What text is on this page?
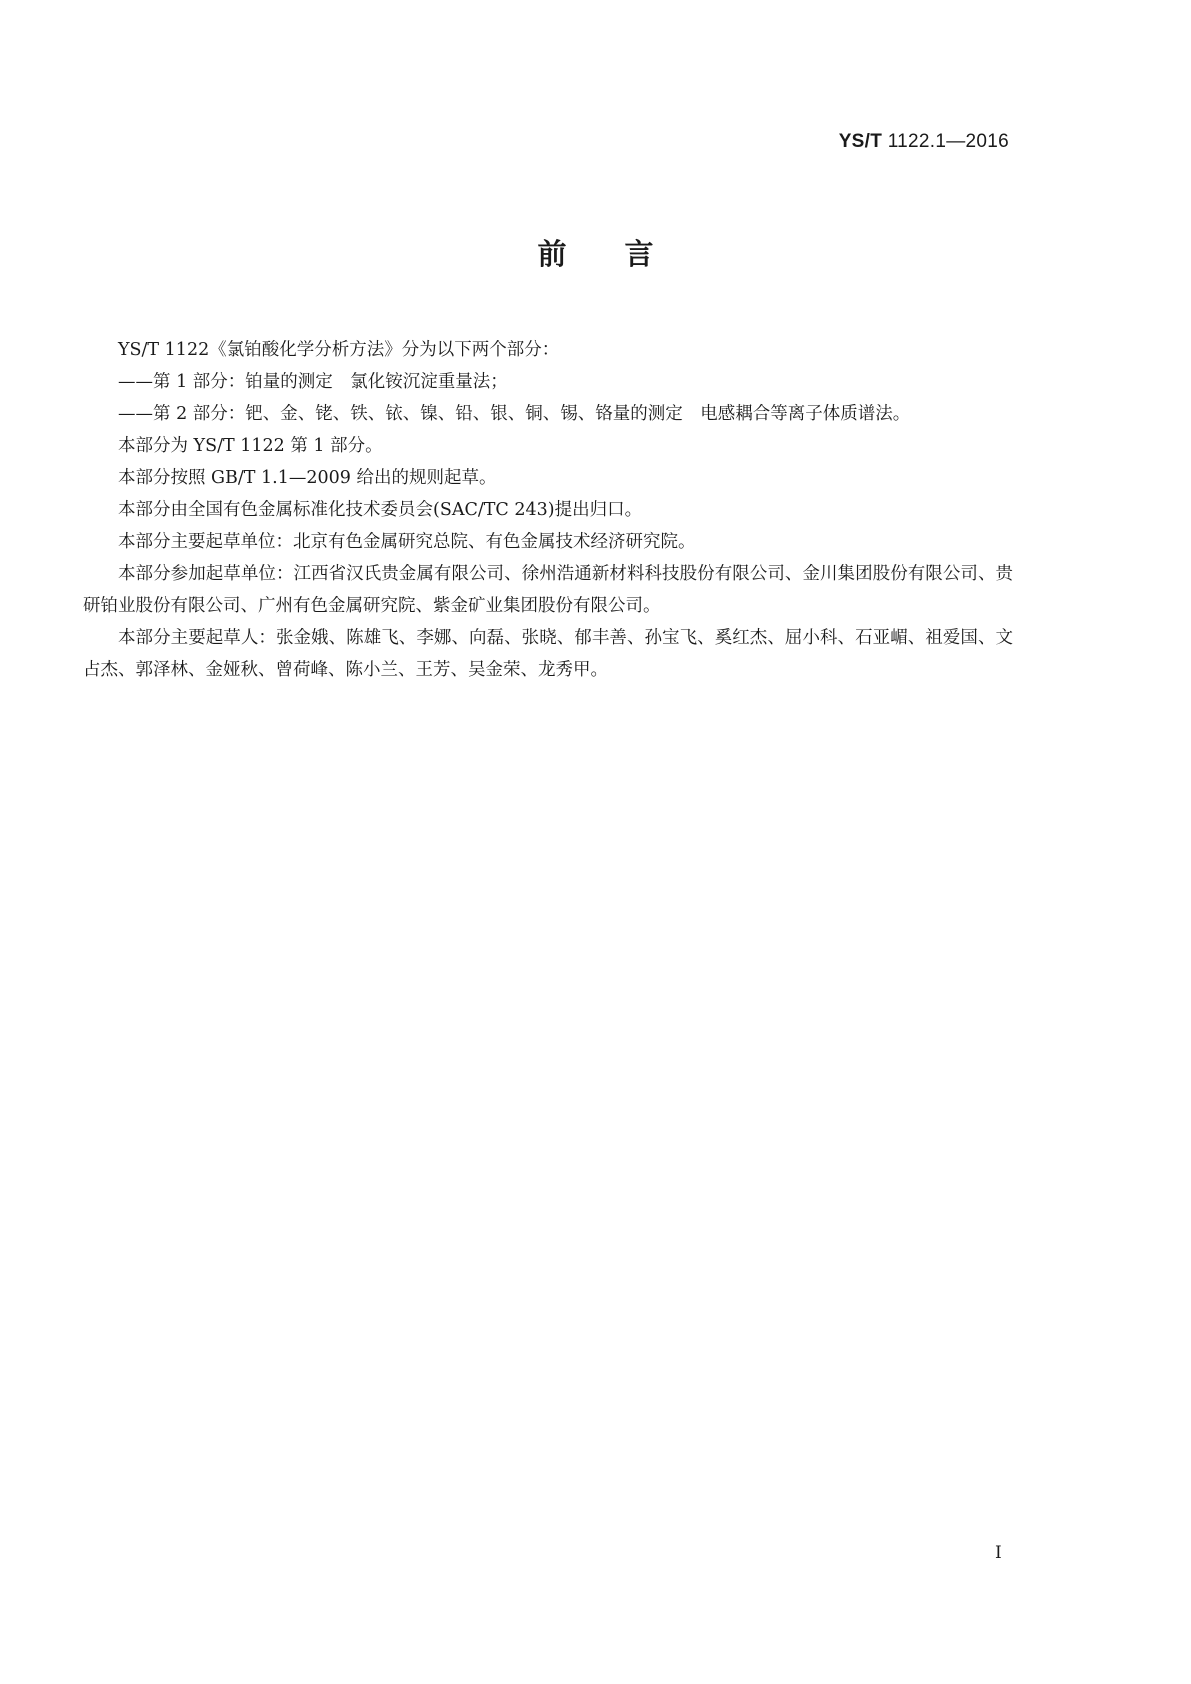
YS/T 1122.1—2016
前 言

YS/T 1122《氯铂酸化学分析方法》分为以下两个部分：

——第 1 部分：铂量的测定　氯化铵沉淀重量法；

——第 2 部分：钯、金、铑、铁、铱、镍、铅、银、铜、锡、铬量的测定　电感耦合等离子体质谱法。

本部分为 YS/T 1122 第 1 部分。

本部分按照 GB/T 1.1—2009 给出的规则起草。

本部分由全国有色金属标准化技术委员会(SAC/TC 243)提出归口。

本部分主要起草单位：北京有色金属研究总院、有色金属技术经济研究院。

本部分参加起草单位：江西省汉氏贵金属有限公司、徐州浩通新材料科技股份有限公司、金川集团股份有限公司、贵研铂业股份有限公司、广州有色金属研究院、紫金矿业集团股份有限公司。

本部分主要起草人：张金娥、陈雄飞、李娜、向磊、张晓、郁丰善、孙宝飞、奚红杰、屈小科、石亚嵋、祖爱国、文占杰、郭泽林、金娅秋、曾荷峰、陈小兰、王芳、吴金荣、龙秀甲。

I
